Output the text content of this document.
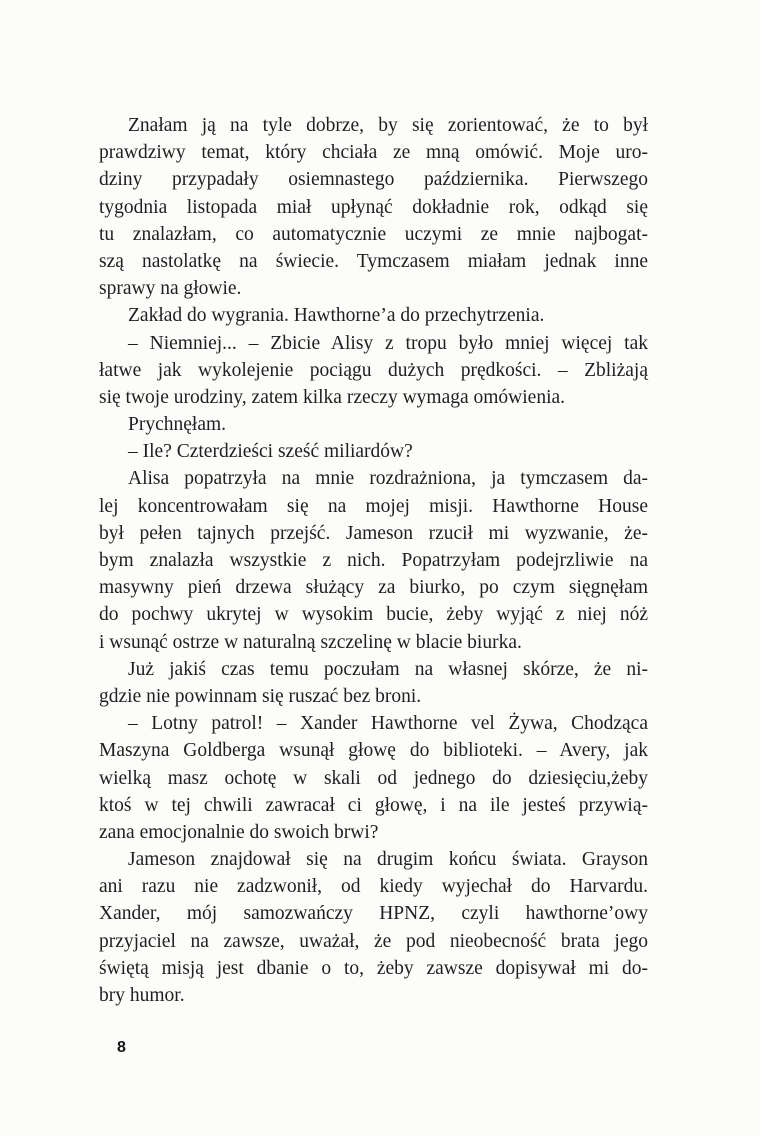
Znałam ją na tyle dobrze, by się zorientować, że to był
prawdziwy temat, który chciała ze mną omówić. Moje uro-
dziny przypadały osiemnastego października. Pierwszego
tygodnia listopada miał upłynąć dokładnie rok, odkąd się
tu znalazłam, co automatycznie uczymi ze mnie najbogat-
szą nastolatkę na świecie. Tymczasem miałam jednak inne
sprawy na głowie.
Zakład do wygrania. Hawthorne’a do przechytrzenia.
– Niemniej... – Zbicie Alisy z tropu było mniej więcej tak
łatwe jak wykolejenie pociągu dużych prędkości. – Zbliżają
się twoje urodziny, zatem kilka rzeczy wymaga omówienia.
Prychnęłam.
– Ile? Czterdzieści sześć miliardów?
Alisa popatrzyła na mnie rozdrażniona, ja tymczasem da-
lej koncentrowałam się na mojej misji. Hawthorne House
był pełen tajnych przejść. Jameson rzucił mi wyzwanie, że-
bym znalazła wszystkie z nich. Popatrzyłam podejrzliwie na
masywny pień drzewa służący za biurko, po czym sięgnęłam
do pochwy ukrytej w wysokim bucie, żeby wyjąć z niej nóż
i wsunąć ostrze w naturalną szczelinę w blacie biurka.
Już jakiś czas temu poczułam na własnej skórze, że ni-
gdzie nie powinnam się ruszać bez broni.
– Lotny patrol! – Xander Hawthorne vel Żywa, Chodząca
Maszyna Goldberga wsunął głowę do biblioteki. – Avery, jak
wielką masz ochotę w skali od jednego do dziesięciu,żeby
ktoś w tej chwili zawracał ci głowę, i na ile jesteś przywią-
zana emocjonalnie do swoich brwi?
Jameson znajdował się na drugim końcu świata. Grayson
ani razu nie zadzwonił, od kiedy wyjechał do Harvardu.
Xander, mój samozwańczy HPNZ, czyli hawthorne’owy
przyjaciel na zawsze, uważał, że pod nieobecność brata jego
świętą misją jest dbanie o to, żeby zawsze dopisywał mi do-
bry humor.
8
